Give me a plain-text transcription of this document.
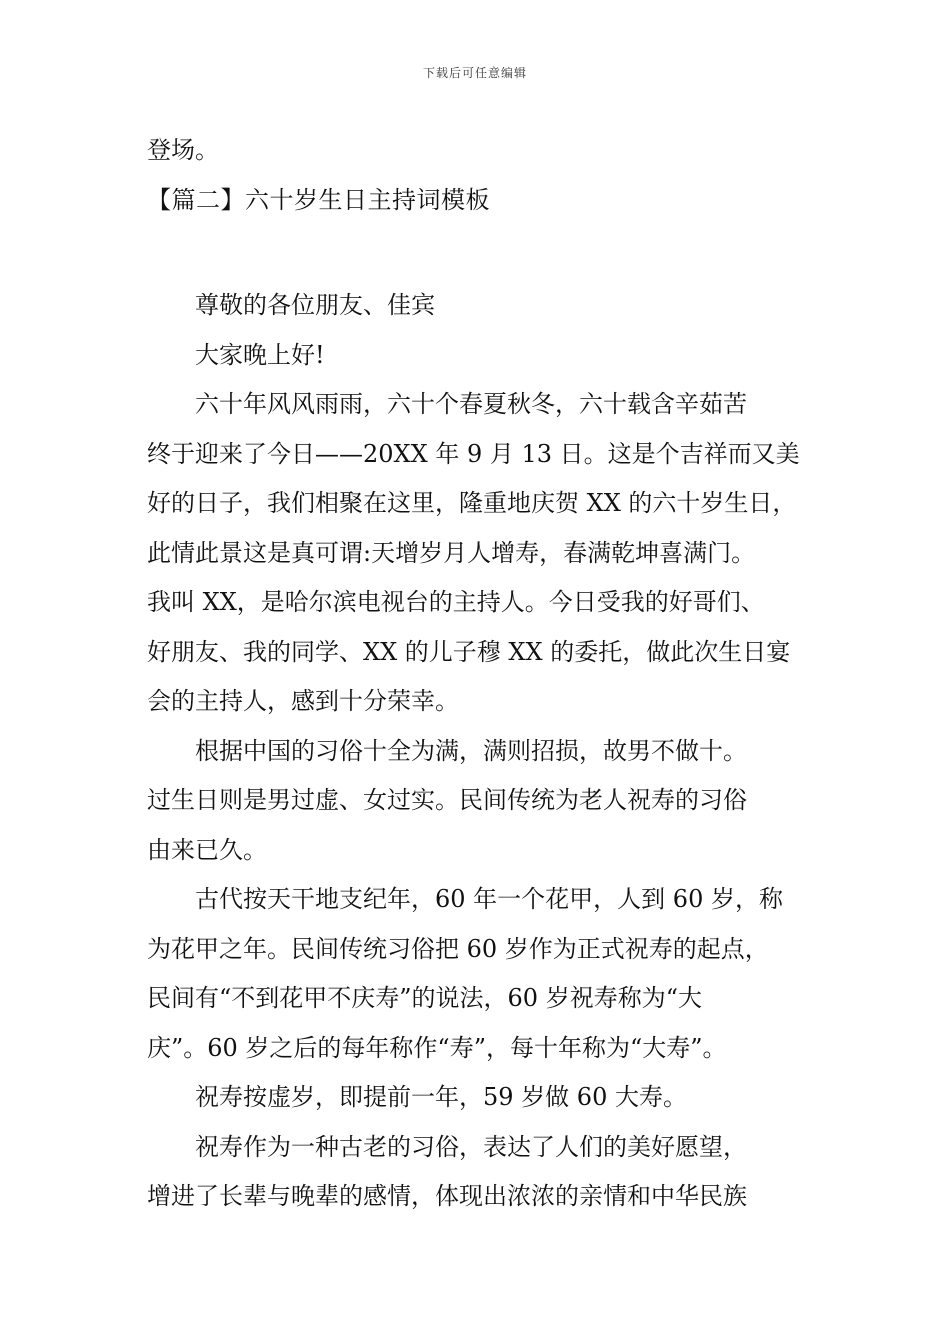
下载后可任意编辑
登场。
【篇二】六十岁生日主持词模板
尊敬的各位朋友、佳宾
大家晚上好!
六十年风风雨雨，六十个春夏秋冬，六十载含辛茹苦
终于迎来了今日——20XX 年 9 月 13 日。这是个吉祥而又美
好的日子，我们相聚在这里，隆重地庆贺 XX 的六十岁生日，
此情此景这是真可谓:天增岁月人增寿，春满乾坤喜满门。
我叫 XX，是哈尔滨电视台的主持人。今日受我的好哥们、
好朋友、我的同学、XX 的儿子穆 XX 的委托，做此次生日宴
会的主持人，感到十分荣幸。
根据中国的习俗十全为满，满则招损，故男不做十。
过生日则是男过虚、女过实。民间传统为老人祝寿的习俗
由来已久。
古代按天干地支纪年，60 年一个花甲，人到 60 岁，称
为花甲之年。民间传统习俗把 60 岁作为正式祝寿的起点，
民间有“不到花甲不庆寿”的说法，60 岁祝寿称为“大
庆”。60 岁之后的每年称作“寿”，每十年称为“大寿”。
祝寿按虚岁，即提前一年，59 岁做 60 大寿。
祝寿作为一种古老的习俗，表达了人们的美好愿望，
增进了长辈与晚辈的感情，体现出浓浓的亲情和中华民族
